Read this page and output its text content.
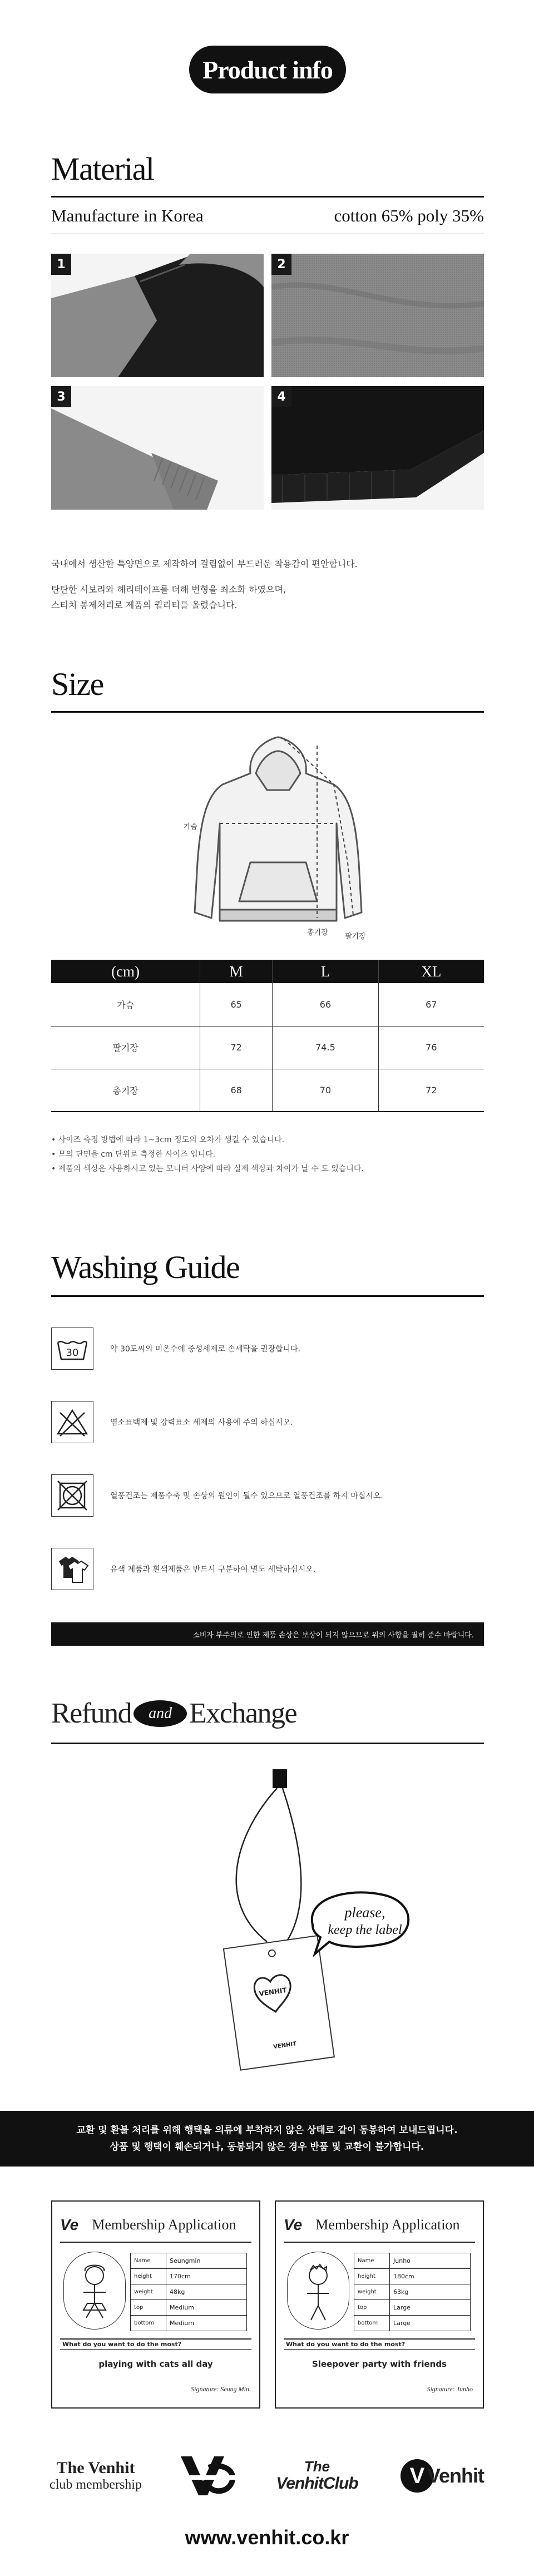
Product info
Material
Manufacture in Korea	cotton 65% poly 35%
1	2
3	4
국내에서 생산한 특양면으로 제작하여 걸림없이 부드러운 착용감이 편안합니다.
탄탄한 시보리와 헤리테이프를 더해 변형을 최소화 하였으며,
스티치 봉제처리로 제품의 퀄리티를 올렸습니다.
Size
가슴
총기장 팔기장
(cm)	M	L	XL
가슴	65	66	67
팔기장	72	74.5	76
총기장	68	70	72
• 사이즈 측정 방법에 따라 1~3cm 정도의 오차가 생길 수 있습니다.
• 모의 단면을 cm 단위로 측정한 사이즈 입니다.
• 제품의 색상은 사용하시고 있는 모니터 사양에 따라 실제 색상과 차이가 날 수 도 있습니다.
Washing Guide
30	약 30도씨의 미온수에 중성세제로 손세탁을 권장합니다.
염소표백제 및 강력표소 세제의 사용에 주의 하십시오.
열풍건조는 제품수축 및 손상의 원인이 될수 있으므로 열풍건조를 하지 마십시오.
유색 제품과 흰색제품은 반드시 구분하여 별도 세탁하십시오.
소비자 부주의로 인한 제품 손상은 보상이 되지 않으므로 위의 사항을 필히 준수 바랍니다.
Refund	and Exchange
VENHIT
VENHIT
please,
keep the label
교환 및 환불 처리를 위해 행택을 의류에 부착하지 않은 상태로 같이 동봉하여 보내드립니다.
상품 및 행택이 훼손되거나, 동봉되지 않은 경우 반품 및 교환이 불가합니다.
Ve Membership Application
Name	Seungmin
height	170cm
weight	48kg
top	Medium
bottom	Medium
What do you want to do the most?
playing with cats all day
Signature: Seung Min
Ve Membership Application
Name	Junho
height	180cm
weight	63kg
top	Large
bottom	Large
What do you want to do the most?
Sleepover party with friends
Signature: Junho
The Venhit
club membership
The
VenhitClub	V Venhit
www.venhit.co.kr
